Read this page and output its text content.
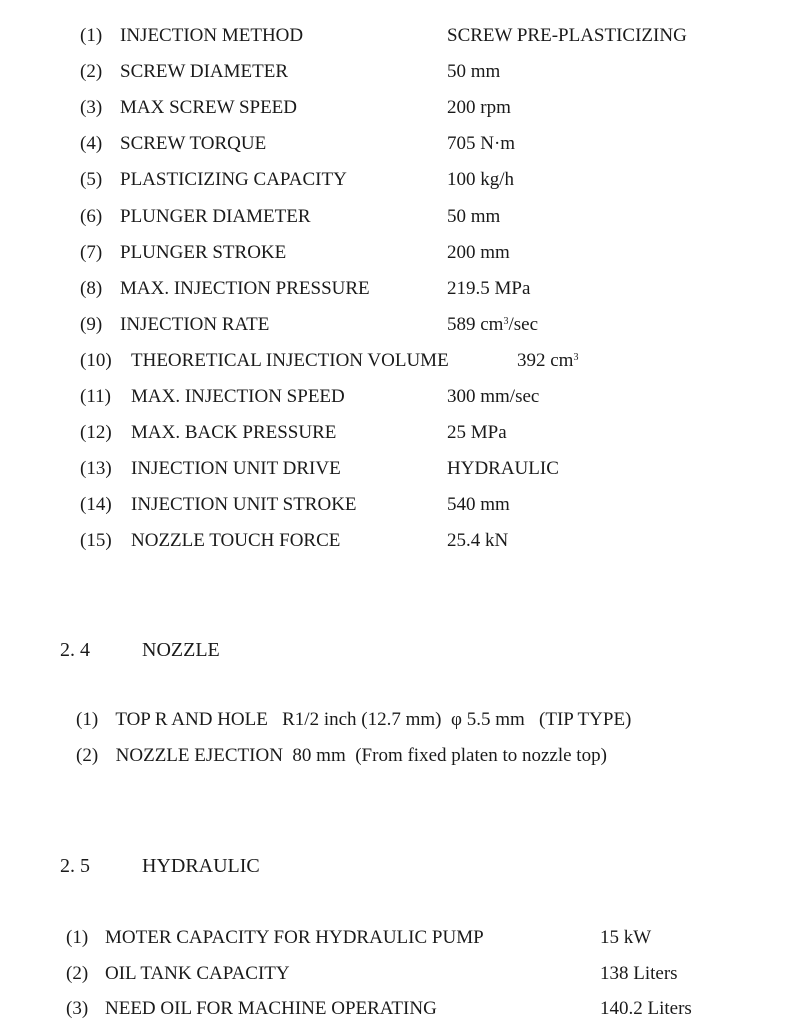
(1) INJECTION METHOD	SCREW PRE-PLASTICIZING
(2) SCREW DIAMETER	50 mm
(3) MAX SCREW SPEED	200 rpm
(4) SCREW TORQUE	705 N·m
(5) PLASTICIZING CAPACITY	100 kg/h
(6) PLUNGER DIAMETER	50 mm
(7) PLUNGER STROKE	200 mm
(8) MAX. INJECTION PRESSURE	219.5 MPa
(9) INJECTION RATE	589 $cm^3/\sec$
(10) THEORETICAL INJECTION VOLUME	392 $cm^3$
(11) MAX. INJECTION SPEED	300 mm/sec
(12) MAX. BACK PRESSURE	25 MPa
(13) INJECTION UNIT DRIVE	HYDRAULIC
(14) INJECTION UNIT STROKE	540 mm
(15) NOZZLE TOUCH FORCE	25.4 kN
2. 4	NOZZLE
(1) TOP R AND HOLE   R1/2 inch (12.7 mm)  φ 5.5 mm   (TIP TYPE)
(2) NOZZLE EJECTION  80 mm  (From fixed platen to nozzle top)
2. 5	HYDRAULIC
(1) MOTER CAPACITY FOR HYDRAULIC PUMP	15 kW
(2) OIL TANK CAPACITY	138 Liters
(3) NEED OIL FOR MACHINE OPERATING	140.2 Liters
